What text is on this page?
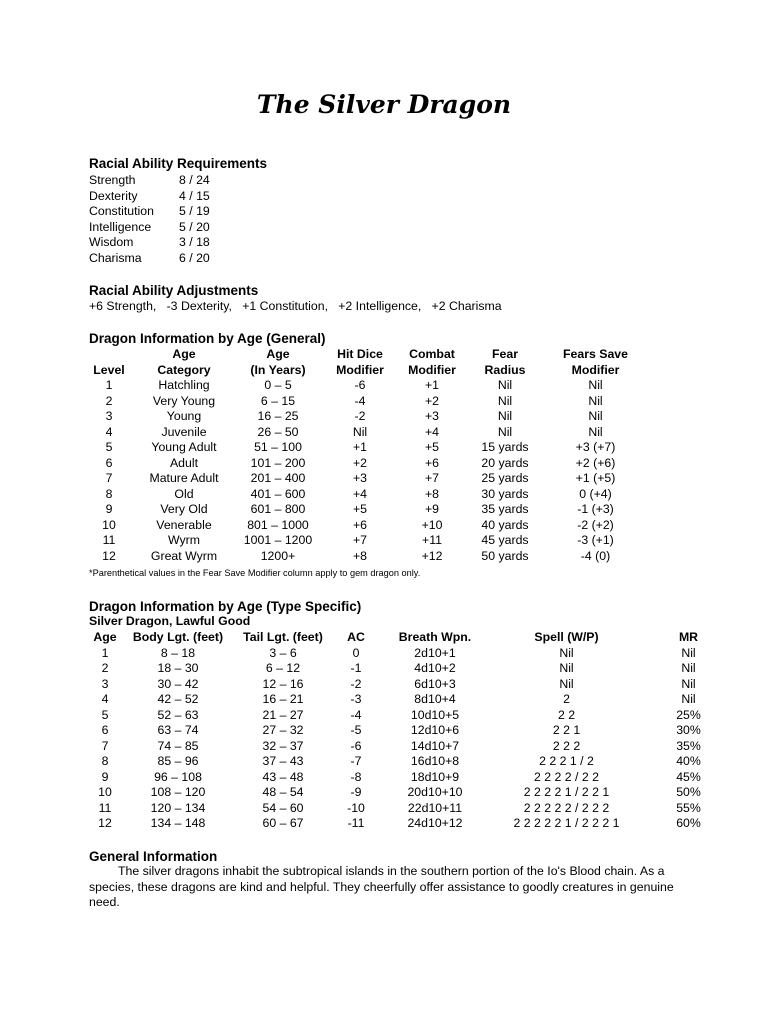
The Silver Dragon
Racial Ability Requirements
Strength	8 / 24
Dexterity	4 / 15
Constitution	5 / 19
Intelligence	5 / 20
Wisdom	3 / 18
Charisma	6 / 20
Racial Ability Adjustments
+6 Strength,   -3 Dexterity,   +1 Constitution,   +2 Intelligence,   +2 Charisma
Dragon Information by Age (General)
	Age	Age	Hit Dice	Combat	Fear	Fears Save
Level	Category	(In Years)	Modifier	Modifier	Radius	Modifier
1	Hatchling	0 – 5	-6	+1	Nil	Nil
2	Very Young	6 – 15	-4	+2	Nil	Nil
3	Young	16 – 25	-2	+3	Nil	Nil
4	Juvenile	26 – 50	Nil	+4	Nil	Nil
5	Young Adult	51 – 100	+1	+5	15 yards	+3 (+7)
6	Adult	101 – 200	+2	+6	20 yards	+2 (+6)
7	Mature Adult	201 – 400	+3	+7	25 yards	+1 (+5)
8	Old	401 – 600	+4	+8	30 yards	0 (+4)
9	Very Old	601 – 800	+5	+9	35 yards	-1 (+3)
10	Venerable	801 – 1000	+6	+10	40 yards	-2 (+2)
11	Wyrm	1001 – 1200	+7	+11	45 yards	-3 (+1)
12	Great Wyrm	1200+	+8	+12	50 yards	-4 (0)
*Parenthetical values in the Fear Save Modifier column apply to gem dragon only.
Dragon Information by Age (Type Specific)
Silver Dragon, Lawful Good
Age	Body Lgt. (feet)	Tail Lgt. (feet)	AC	Breath Wpn.	Spell (W/P)	MR
1	8 – 18	3 – 6	0	2d10+1	Nil	Nil
2	18 – 30	6 – 12	-1	4d10+2	Nil	Nil
3	30 – 42	12 – 16	-2	6d10+3	Nil	Nil
4	42 – 52	16 – 21	-3	8d10+4	2	Nil
5	52 – 63	21 – 27	-4	10d10+5	2 2	25%
6	63 – 74	27 – 32	-5	12d10+6	2 2 1	30%
7	74 – 85	32 – 37	-6	14d10+7	2 2 2	35%
8	85 – 96	37 – 43	-7	16d10+8	2 2 2 1 / 2	40%
9	96 – 108	43 – 48	-8	18d10+9	2 2 2 2 / 2 2	45%
10	108 – 120	48 – 54	-9	20d10+10	2 2 2 2 1 / 2 2 1	50%
11	120 – 134	54 – 60	-10	22d10+11	2 2 2 2 2 / 2 2 2	55%
12	134 – 148	60 – 67	-11	24d10+12	2 2 2 2 2 1 / 2 2 2 1	60%
General Information

The silver dragons inhabit the subtropical islands in the southern portion of the Io's Blood chain. As a species, these dragons are kind and helpful. They cheerfully offer assistance to goodly creatures in genuine need.
